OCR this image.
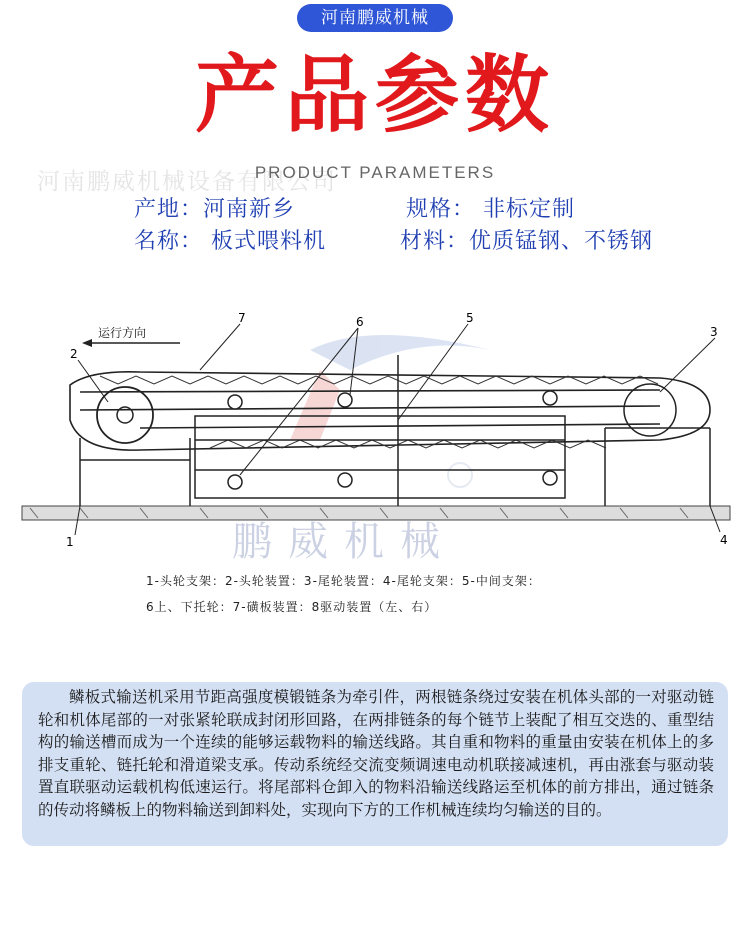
河南鹏威机械
产品参数
河南鹏威机械设备有限公司
PRODUCT PARAMETERS
产地：河南新乡	规格： 非标定制
名称： 板式喂料机	材料：优质锰钢、不锈钢
运行方向
2
3
4
5
6
7
1	鹏威机械
1-头轮支架：2-头轮装置：3-尾轮装置：4-尾轮支架：5-中间支架：
6上、下托轮：7-磺板装置：8驱动装置（左、右）
鳞板式输送机采用节距高强度模锻链条为牵引件，两根链条绕过安装在机体头部的一对驱动链轮和机体尾部的一对张紧轮联成封闭形回路，在两排链条的每个链节上装配了相互交迭的、重型结构的输送槽而成为一个连续的能够运载物料的输送线路。其自重和物料的重量由安装在机体上的多排支重轮、链托轮和滑道梁支承。传动系统经交流变频调速电动机联接减速机，再由涨套与驱动装置直联驱动运载机构低速运行。将尾部料仓卸入的物料沿输送线路运至机体的前方排出，通过链条的传动将鳞板上的物料输送到卸料处，实现向下方的工作机械连续均匀输送的目的。
